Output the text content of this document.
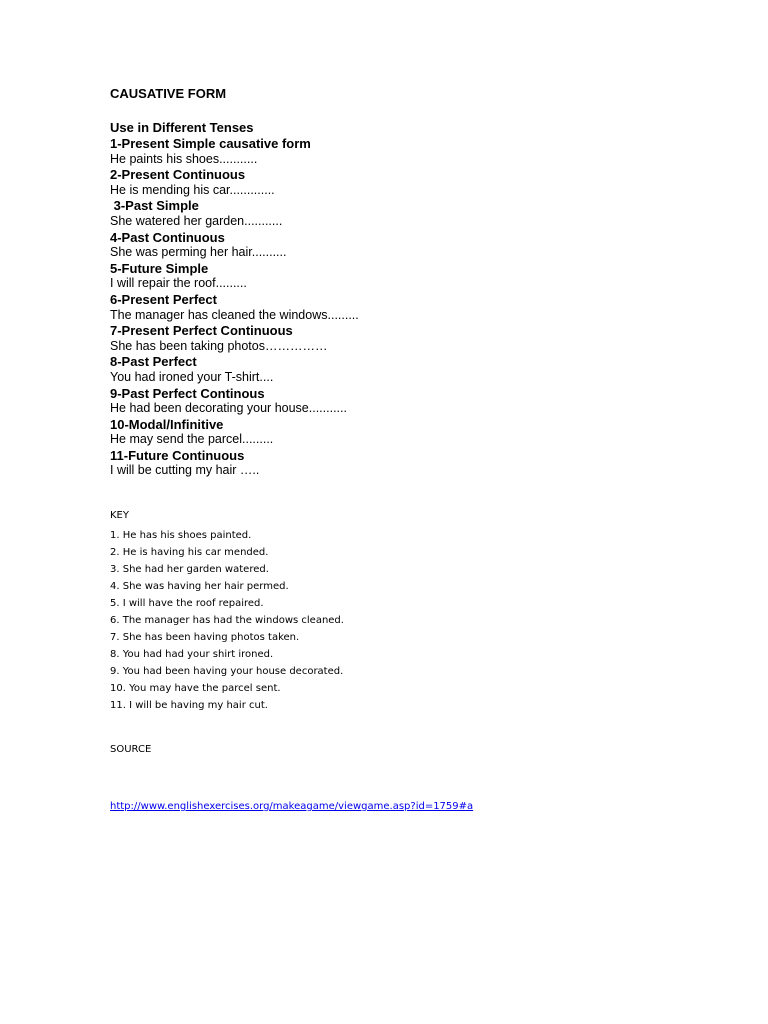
CAUSATIVE FORM
Use in Different Tenses
1-Present Simple causative form
He paints his shoes...........
2-Present Continuous
He is mending his car.............
3-Past Simple
She watered her garden...........
4-Past Continuous
She was perming her hair..........
5-Future Simple
I will repair the roof.........
6-Present Perfect
The manager has cleaned the windows.........
7-Present Perfect Continuous
She has been taking photos……………
8-Past Perfect
You had ironed your T-shirt....
9-Past Perfect Continous
He had been decorating your house...........
10-Modal/Infinitive
He may send the parcel.........
11-Future Continuous
I will be cutting my hair …..
KEY
1. He has his shoes painted.
2. He is having his car mended.
3. She had her garden watered.
4. She was having her hair permed.
5. I will have the roof repaired.
6. The manager has had the windows cleaned.
7. She has been having photos taken.
8. You had had your shirt ironed.
9. You had been having your house decorated.
10. You may have the parcel sent.
11. I will be having my hair cut.
SOURCE
http://www.englishexercises.org/makeagame/viewgame.asp?id=1759#a
